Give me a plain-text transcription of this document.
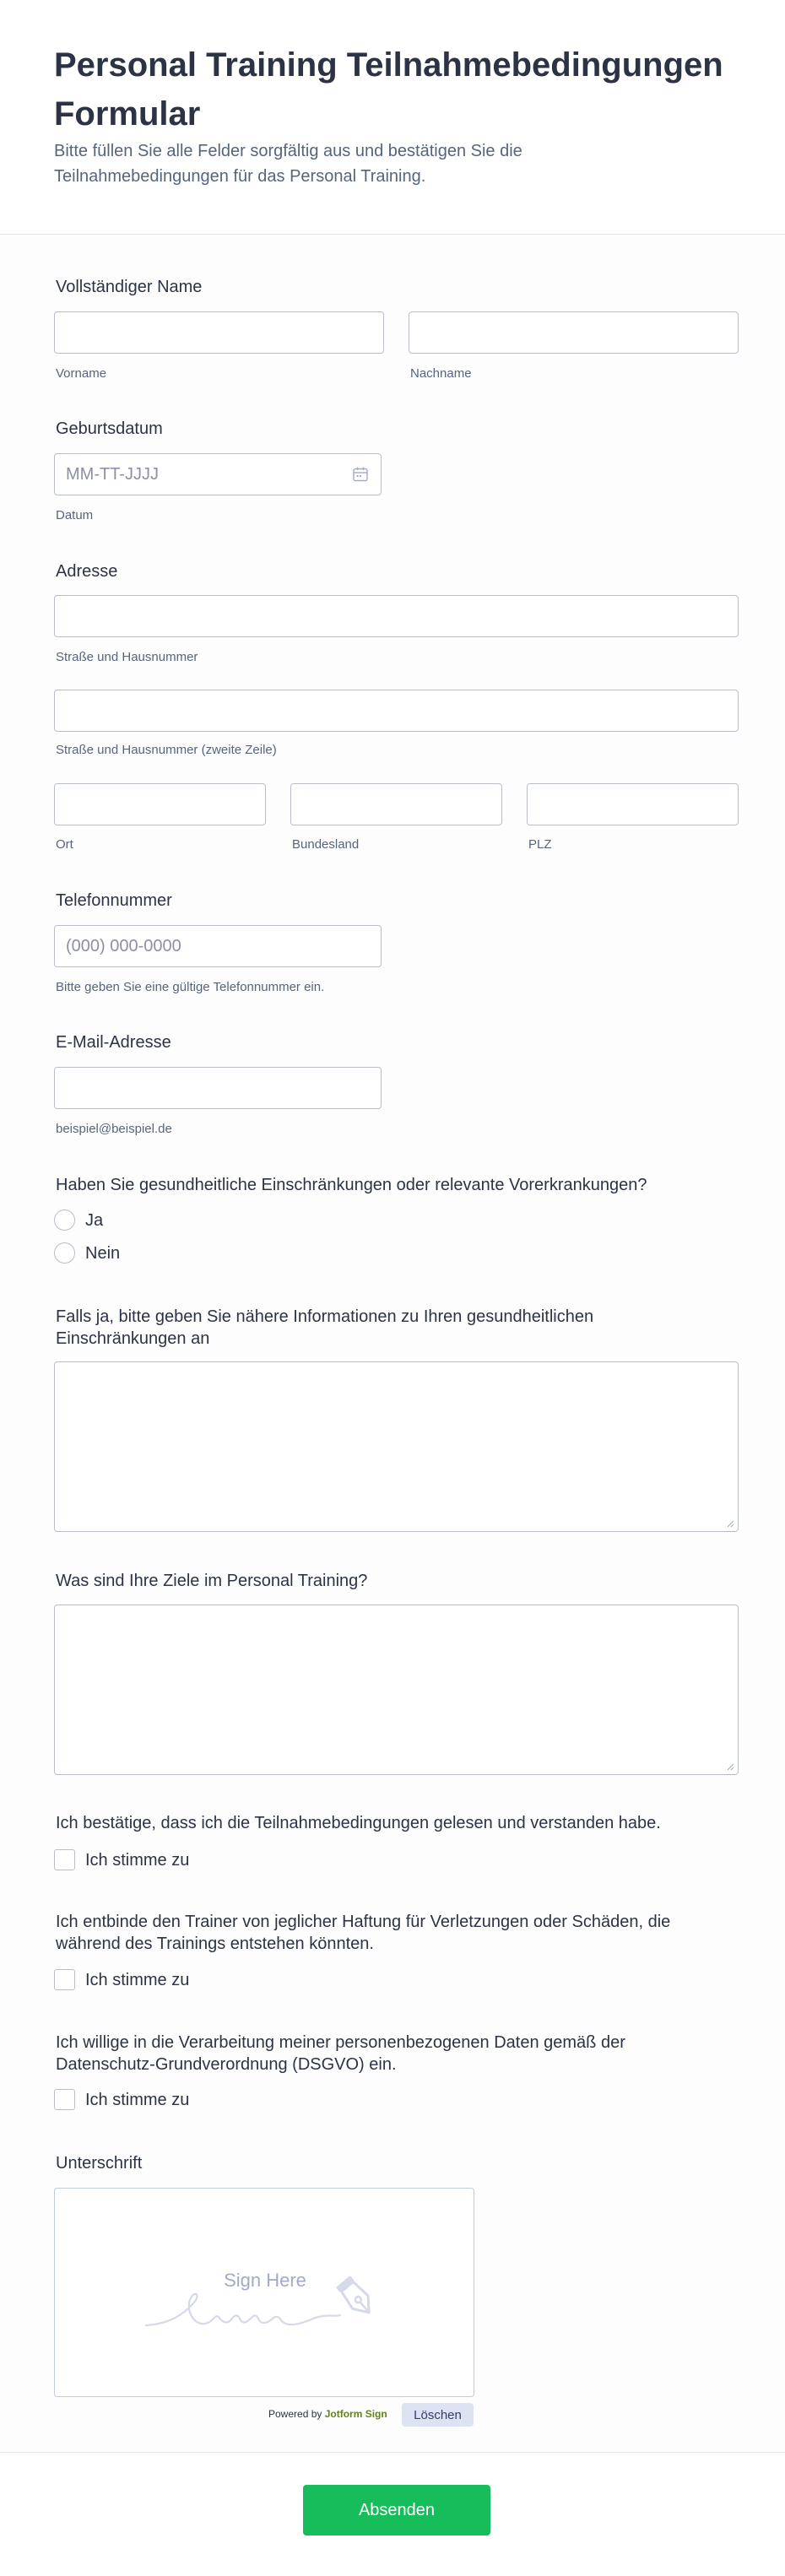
Personal Training Teilnahmebedingungen Formular
Bitte füllen Sie alle Felder sorgfältig aus und bestätigen Sie die Teilnahmebedingungen für das Personal Training.
Vollständiger Name
Vorname	Nachname
Geburtsdatum
MM-TT-JJJJ
Datum
Adresse
Straße und Hausnummer
Straße und Hausnummer (zweite Zeile)
Ort	Bundesland	PLZ
Telefonnummer
(000) 000-0000
Bitte geben Sie eine gültige Telefonnummer ein.
E-Mail-Adresse
beispiel@beispiel.de
Haben Sie gesundheitliche Einschränkungen oder relevante Vorerkrankungen?
Ja
Nein
Falls ja, bitte geben Sie nähere Informationen zu Ihren gesundheitlichen Einschränkungen an
Was sind Ihre Ziele im Personal Training?
Ich bestätige, dass ich die Teilnahmebedingungen gelesen und verstanden habe.
Ich stimme zu
Ich entbinde den Trainer von jeglicher Haftung für Verletzungen oder Schäden, die während des Trainings entstehen könnten.
Ich stimme zu
Ich willige in die Verarbeitung meiner personenbezogenen Daten gemäß der Datenschutz-Grundverordnung (DSGVO) ein.
Ich stimme zu
Unterschrift
Sign Here
Powered by Jotform Sign	Löschen
Absenden
